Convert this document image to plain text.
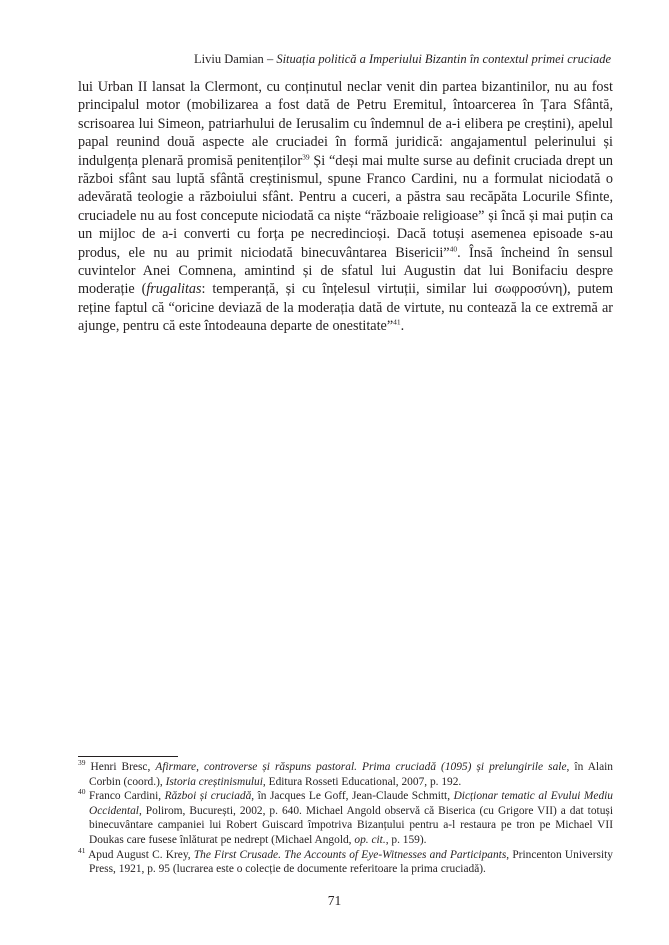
Liviu Damian – Situația politică a Imperiului Bizantin în contextul primei cruciade
lui Urban II lansat la Clermont, cu conținutul neclar venit din partea bizantinilor, nu au fost principalul motor (mobilizarea a fost dată de Petru Eremitul, întoarcerea în Țara Sfântă, scrisoarea lui Simeon, patriarhului de Ierusalim cu îndemnul de a-i elibera pe creștini), apelul papal reunind două aspecte ale cruciadei în formă juridică: angajamentul pelerinului și indulgența plenară promisă penitenților$^{39}$ Și “deși mai multe surse au definit cruciada drept un război sfânt sau luptă sfântă creștinismul, spune Franco Cardini, nu a formulat niciodată o adevărată teologie a războiului sfânt. Pentru a cuceri, a păstra sau recăpăta Locurile Sfinte, cruciadele nu au fost concepute niciodată ca niște “războaie religioase” și încă și mai puțin ca un mijloc de a-i converti cu forța pe necredincioși. Dacă totuși asemenea episoade s-au produs, ele nu au primit niciodată binecuvântarea Bisericii”$^{40}$. Însă încheind în sensul cuvintelor Anei Comnena, amintind și de sfatul lui Augustin dat lui Bonifaciu despre moderație (frugalitas: temperanță, și cu înțelesul virtuții, similar lui σωφροσύνη), putem reține faptul că “oricine deviază de la moderația dată de virtute, nu contează la ce extremă ar ajunge, pentru că este întodeauna departe de onestitate”$^{41}$.

$^{39}$ Henri Bresc, Afirmare, controverse și răspuns pastoral. Prima cruciadă (1095) și prelungirile sale, în Alain Corbin (coord.), Istoria creștinismului, Editura Rosseti Educational, 2007, p. 192.

$^{40}$ Franco Cardini, Război și cruciadă, în Jacques Le Goff, Jean-Claude Schmitt, Dicționar tematic al Evului Mediu Occidental, Polirom, București, 2002, p. 640. Michael Angold observă că Biserica (cu Grigore VII) a dat totuși binecuvântare campaniei lui Robert Guiscard împotriva Bizanțului pentru a-l restaura pe tron pe Michael VII Doukas care fusese înlăturat pe nedrept (Michael Angold, op. cit., p. 159).

$^{41}$ Apud August C. Krey, The First Crusade. The Accounts of Eye-Witnesses and Participants, Princenton University Press, 1921, p. 95 (lucrarea este o colecție de documente referitoare la prima cruciadă).

71
